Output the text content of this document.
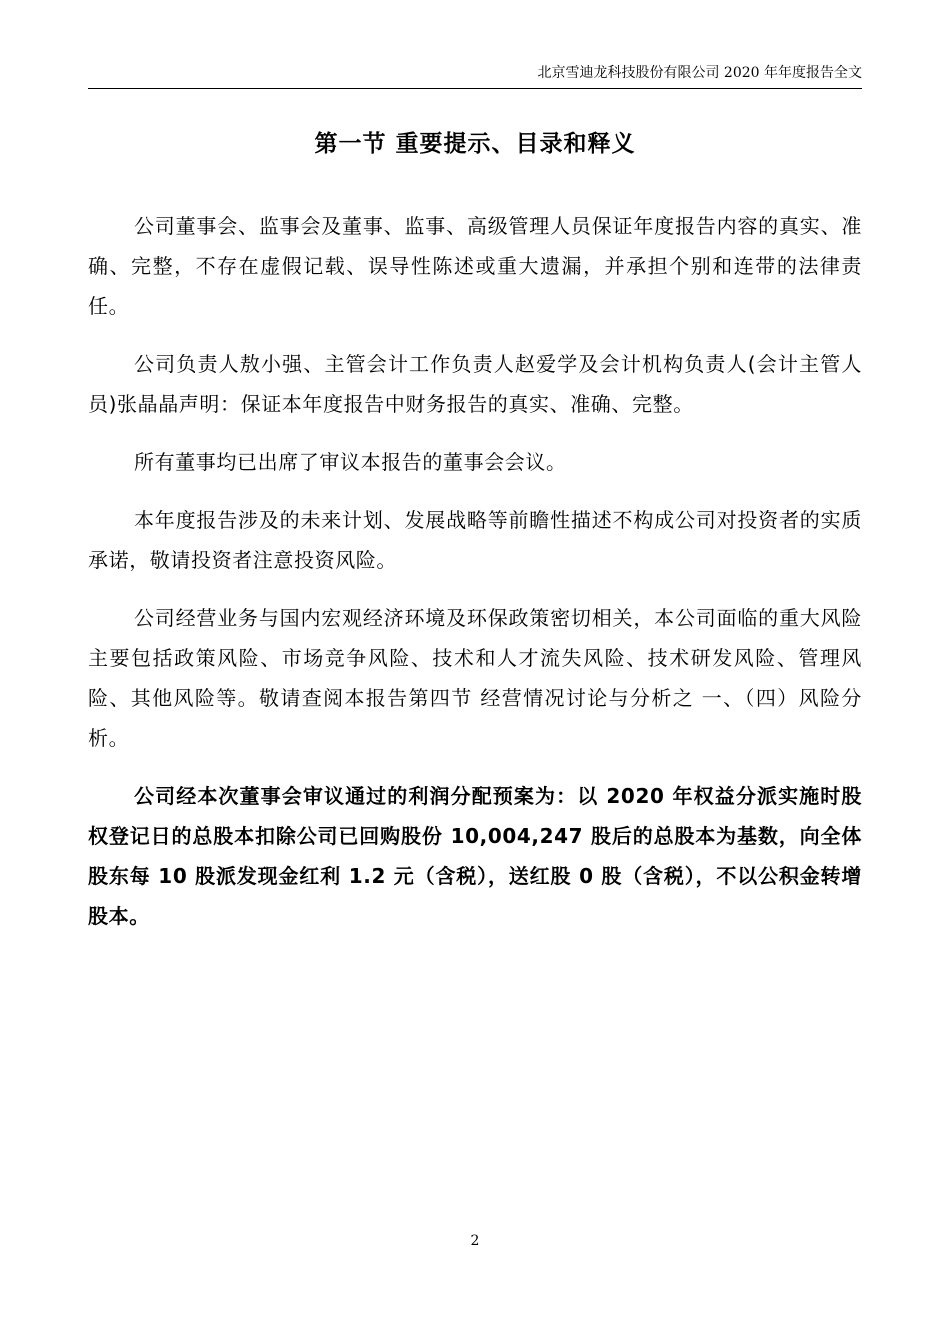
北京雪迪龙科技股份有限公司 2020 年年度报告全文
第一节 重要提示、目录和释义

公司董事会、监事会及董事、监事、高级管理人员保证年度报告内容的真实、准确、完整，不存在虚假记载、误导性陈述或重大遗漏，并承担个别和连带的法律责任。

公司负责人敖小强、主管会计工作负责人赵爱学及会计机构负责人(会计主管人员)张晶晶声明：保证本年度报告中财务报告的真实、准确、完整。

所有董事均已出席了审议本报告的董事会会议。

本年度报告涉及的未来计划、发展战略等前瞻性描述不构成公司对投资者的实质承诺，敬请投资者注意投资风险。

公司经营业务与国内宏观经济环境及环保政策密切相关，本公司面临的重大风险主要包括政策风险、市场竞争风险、技术和人才流失风险、技术研发风险、管理风险、其他风险等。敬请查阅本报告第四节 经营情况讨论与分析之 一、（四）风险分析。

公司经本次董事会审议通过的利润分配预案为：以 2020 年权益分派实施时股权登记日的总股本扣除公司已回购股份 10,004,247 股后的总股本为基数，向全体股东每 10 股派发现金红利 1.2 元（含税），送红股 0 股（含税），不以公积金转增股本。

2
